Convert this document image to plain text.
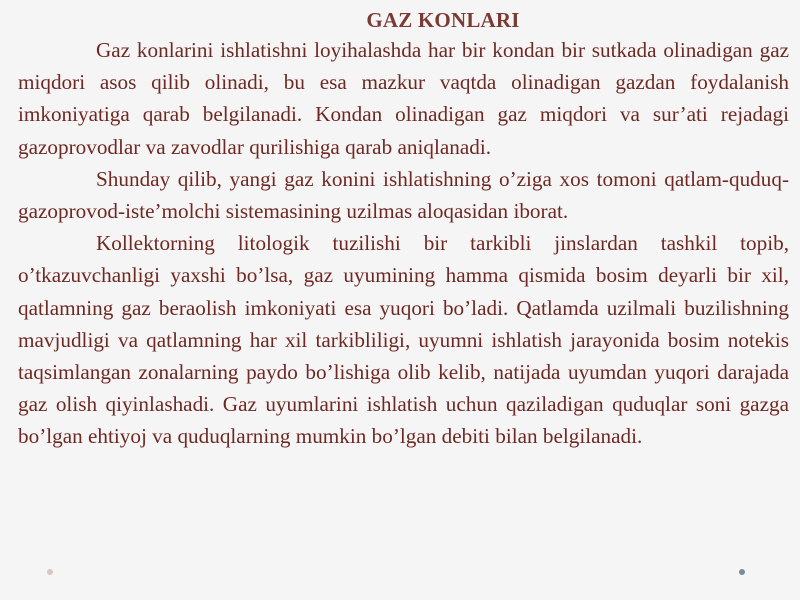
GAZ KONLARI

Gaz konlarini ishlatishni loyihalashda har bir kondan bir sutkada olinadigan gaz miqdori asos qilib olinadi, bu esa mazkur vaqtda olinadigan gazdan foydalanish imkoniyatiga qarab belgilanadi. Kondan olinadigan gaz miqdori va sur’ati rejadagi gazoprovodlar va zavodlar qurilishiga qarab aniqlanadi.

Shunday qilib, yangi gaz konini ishlatishning o’ziga xos tomoni qatlam-quduq-gazoprovod-iste’molchi sistemasining uzilmas aloqasidan iborat.

Kollektorning litologik tuzilishi bir tarkibli jinslardan tashkil topib, o’tkazuvchanligi yaxshi bo’lsa, gaz uyumining hamma qismida bosim deyarli bir xil, qatlamning gaz beraolish imkoniyati esa yuqori bo’ladi. Qatlamda uzilmali buzilishning mavjudligi va qatlamning har xil tarkibliligi, uyumni ishlatish jarayonida bosim notekis taqsimlangan zonalarning paydo bo’lishiga olib kelib, natijada uyumdan yuqori darajada gaz olish qiyinlashadi. Gaz uyumlarini ishlatish uchun qaziladigan quduqlar soni gazga bo’lgan ehtiyoj va quduqlarning mumkin bo’lgan debiti bilan belgilanadi.
